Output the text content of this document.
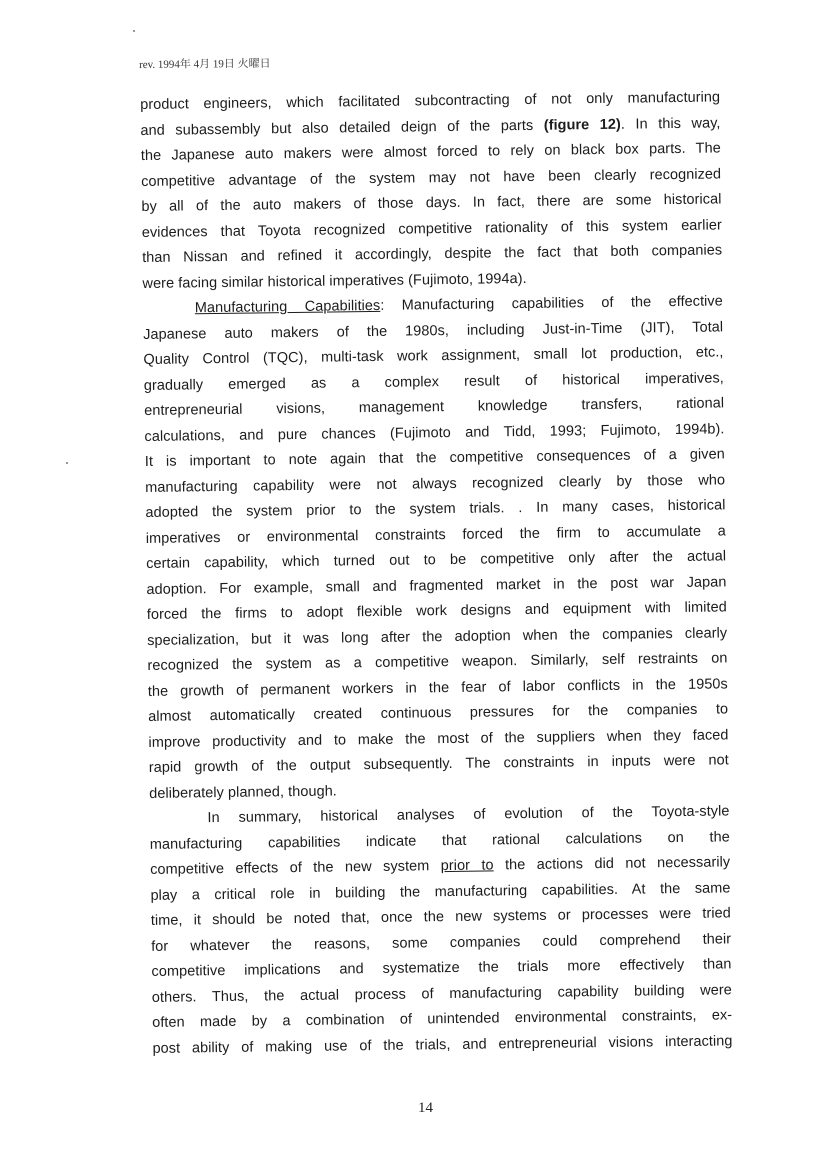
rev. 1994年 4月 19日 火曜日
product engineers, which facilitated subcontracting of not only manufacturing
and subassembly but also detailed deign of the parts (figure 12). In this way,
the Japanese auto makers were almost forced to rely on black box parts. The
competitive advantage of the system may not have been clearly recognized
by all of the auto makers of those days. In fact, there are some historical
evidences that Toyota recognized competitive rationality of this system earlier
than Nissan and refined it accordingly, despite the fact that both companies
were facing similar historical imperatives (Fujimoto, 1994a).
Manufacturing Capabilities: Manufacturing capabilities of the effective
Japanese auto makers of the 1980s, including Just-in-Time (JIT), Total
Quality Control (TQC), multi-task work assignment, small lot production, etc.,
gradually emerged as a complex result of historical imperatives,
entrepreneurial visions, management knowledge transfers, rational
calculations, and pure chances (Fujimoto and Tidd, 1993; Fujimoto, 1994b).
It is important to note again that the competitive consequences of a given
manufacturing capability were not always recognized clearly by those who
adopted the system prior to the system trials. . In many cases, historical
imperatives or environmental constraints forced the firm to accumulate a
certain capability, which turned out to be competitive only after the actual
adoption. For example, small and fragmented market in the post war Japan
forced the firms to adopt flexible work designs and equipment with limited
specialization, but it was long after the adoption when the companies clearly
recognized the system as a competitive weapon. Similarly, self restraints on
the growth of permanent workers in the fear of labor conflicts in the 1950s
almost automatically created continuous pressures for the companies to
improve productivity and to make the most of the suppliers when they faced
rapid growth of the output subsequently. The constraints in inputs were not
deliberately planned, though.
In summary, historical analyses of evolution of the Toyota-style
manufacturing capabilities indicate that rational calculations on the
competitive effects of the new system prior to the actions did not necessarily
play a critical role in building the manufacturing capabilities. At the same
time, it should be noted that, once the new systems or processes were tried
for whatever the reasons, some companies could comprehend their
competitive implications and systematize the trials more effectively than
others. Thus, the actual process of manufacturing capability building were
often made by a combination of unintended environmental constraints, ex-
post ability of making use of the trials, and entrepreneurial visions interacting
14
